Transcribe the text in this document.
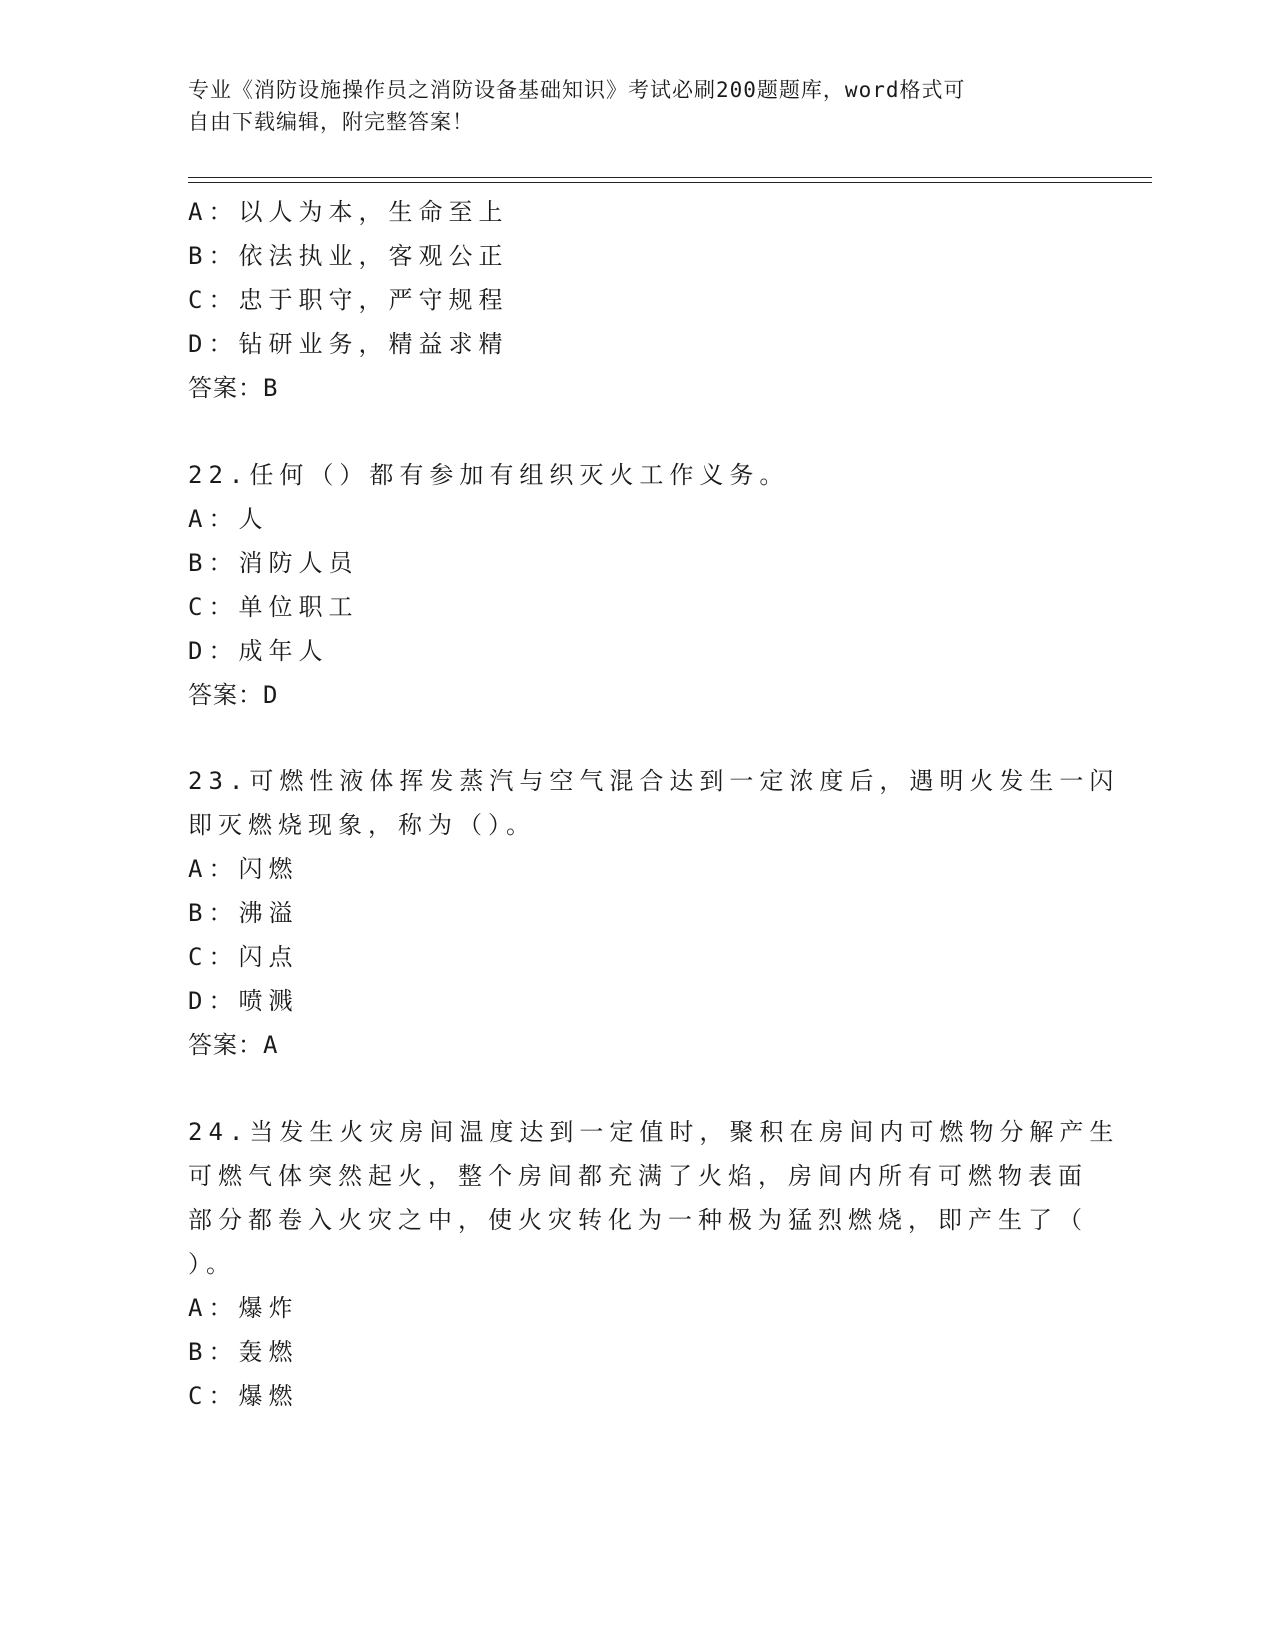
专业《消防设施操作员之消防设备基础知识》考试必刷200题题库，word格式可
自由下载编辑，附完整答案！
A：以人为本，生命至上
B：依法执业，客观公正
C：忠于职守，严守规程
D：钻研业务，精益求精
答案：B
22.任何（）都有参加有组织灭火工作义务。
A：人
B：消防人员
C：单位职工
D：成年人
答案：D
23.可燃性液体挥发蒸汽与空气混合达到一定浓度后，遇明火发生一闪
即灭燃烧现象，称为（）。
A：闪燃
B：沸溢
C：闪点
D：喷溅
答案：A
24.当发生火灾房间温度达到一定值时，聚积在房间内可燃物分解产生
可燃气体突然起火，整个房间都充满了火焰，房间内所有可燃物表面
部分都卷入火灾之中，使火灾转化为一种极为猛烈燃烧，即产生了（
）。
A：爆炸
B：轰燃
C：爆燃
